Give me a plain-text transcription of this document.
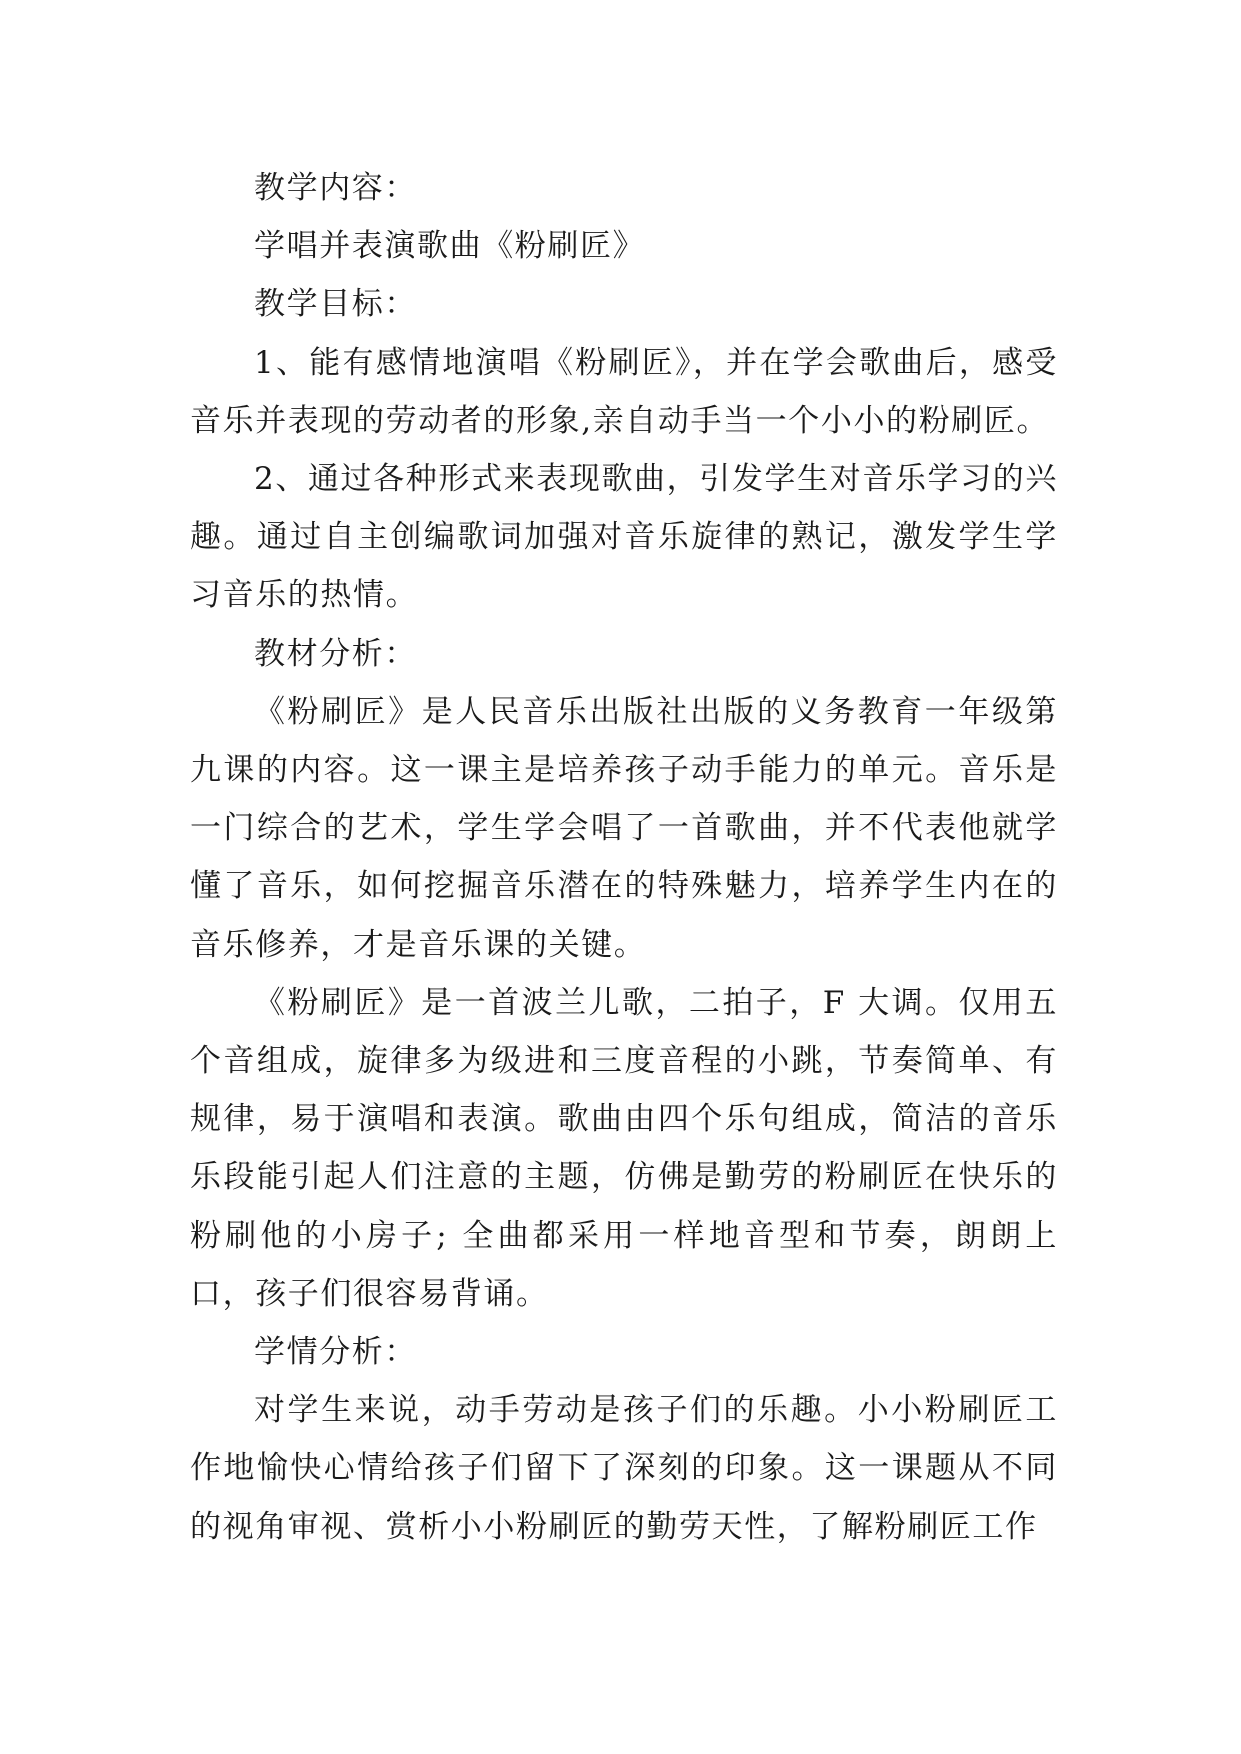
教学内容：

学唱并表演歌曲《粉刷匠》

教学目标：

1、能有感情地演唱《粉刷匠》，并在学会歌曲后，感受音乐并表现的劳动者的形象,亲自动手当一个小小的粉刷匠。

2、通过各种形式来表现歌曲，引发学生对音乐学习的兴趣。通过自主创编歌词加强对音乐旋律的熟记，激发学生学习音乐的热情。

教材分析：

《粉刷匠》是人民音乐出版社出版的义务教育一年级第九课的内容。这一课主是培养孩子动手能力的单元。音乐是一门综合的艺术，学生学会唱了一首歌曲，并不代表他就学懂了音乐，如何挖掘音乐潜在的特殊魅力，培养学生内在的音乐修养，才是音乐课的关键。

《粉刷匠》是一首波兰儿歌，二拍子，F 大调。仅用五个音组成，旋律多为级进和三度音程的小跳，节奏简单、有规律，易于演唱和表演。歌曲由四个乐句组成，简洁的音乐乐段能引起人们注意的主题，仿佛是勤劳的粉刷匠在快乐的粉刷他的小房子; 全曲都采用一样地音型和节奏，朗朗上口，孩子们很容易背诵。

学情分析：

对学生来说，动手劳动是孩子们的乐趣。小小粉刷匠工作地愉快心情给孩子们留下了深刻的印象。这一课题从不同的视角审视、赏析小小粉刷匠的勤劳天性，了解粉刷匠工作
